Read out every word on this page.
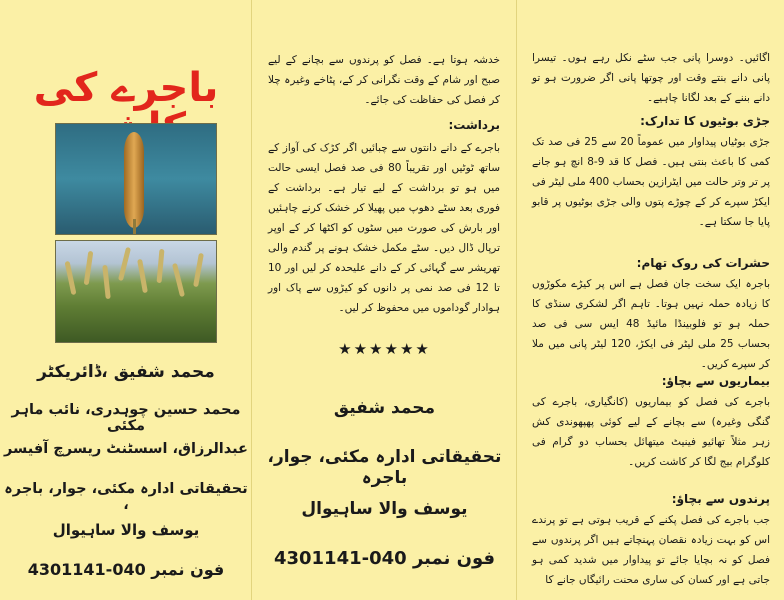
باجرے کی
محمد شفیق ،ڈائریکٹر
محمد حسین چوہدری، نائب ماہر مکئی
عبدالرزاق، اسسٹنٹ ریسرچ آفیسر
تحقیقاتی ادارہ مکئی، جوار، باجرہ ،
یوسف والا ساہیوال
فون نمبر 040-4301141

خدشہ ہوتا ہے۔ فصل کو پرندوں سے بچانے کے لیے صبح اور شام کے وقت نگرانی کر کے، پٹاخے وغیرہ چلا کر فصل کی حفاظت کی جائے۔

برداشت:

باجرے کے دانے دانتوں سے چبائیں اگر کڑک کی آواز کے ساتھ ٹوٹیں اور تقریباً 80 فی صد فصل ایسی حالت میں ہو تو برداشت کے لیے تیار ہے۔ برداشت کے فوری بعد سٹے دھوپ میں پھیلا کر خشک کرنے چاہئیں اور بارش کی صورت میں سٹوں کو اکٹھا کر کے اوپر ترپال ڈال دیں۔ سٹے مکمل خشک ہونے پر گندم والی تھریشر سے گہائی کر کے دانے علیحدہ کر لیں اور 10 تا 12 فی صد نمی پر دانوں کو کیڑوں سے پاک اور ہوادار گوداموں میں محفوظ کر لیں۔

★★★★★★
محمد شفیق
تحقیقاتی ادارہ مکئی، جوار، باجرہ
یوسف والا ساہیوال
فون نمبر 040-4301141

اگائیں۔ دوسرا پانی جب سٹے نکل رہے ہوں۔ تیسرا پانی دانے بنتے وقت اور چوتھا پانی اگر ضرورت ہو تو دانے بننے کے بعد لگانا چاہیے۔

جڑی بوٹیوں کا تدارک:

جڑی بوٹیاں پیداوار میں عموماً 20 سے 25 فی صد تک کمی کا باعث بنتی ہیں۔ فصل کا قد 9-8 انچ ہو جانے پر تر وتر حالت میں ایٹرازین بحساب 400 ملی لیٹر فی ایکڑ سپرے کر کے چوڑے پتوں والی جڑی بوٹیوں پر قابو پایا جا سکتا ہے۔

حشرات کی روک تھام:

باجرہ ایک سخت جان فصل ہے اس پر کیڑے مکوڑوں کا زیادہ حملہ نہیں ہوتا۔ تاہم اگر لشکری سنڈی کا حملہ ہو تو فلوبینڈا مائیڈ 48 ایس سی فی صد بحساب 25 ملی لیٹر فی ایکڑ، 120 لیٹر پانی میں ملا کر سپرے کریں۔

بیماریوں سے بچاؤ:

باجرے کی فصل کو بیماریوں (کانگیاری، باجرے کی گنگی وغیرہ) سے بچانے کے لیے کوئی پھپھوندی کش زہر مثلاً تھائیو فینیٹ میتھائل بحساب دو گرام فی کلوگرام بیج لگا کر کاشت کریں۔

پرندوں سے بچاؤ:

جب باجرے کی فصل پکنے کے قریب ہوتی ہے تو پرندے اس کو بہت زیادہ نقصان پہنچاتے ہیں اگر پرندوں سے فصل کو نہ بچایا جائے تو پیداوار میں شدید کمی ہو جاتی ہے اور کسان کی ساری محنت رائیگاں جانے کا
